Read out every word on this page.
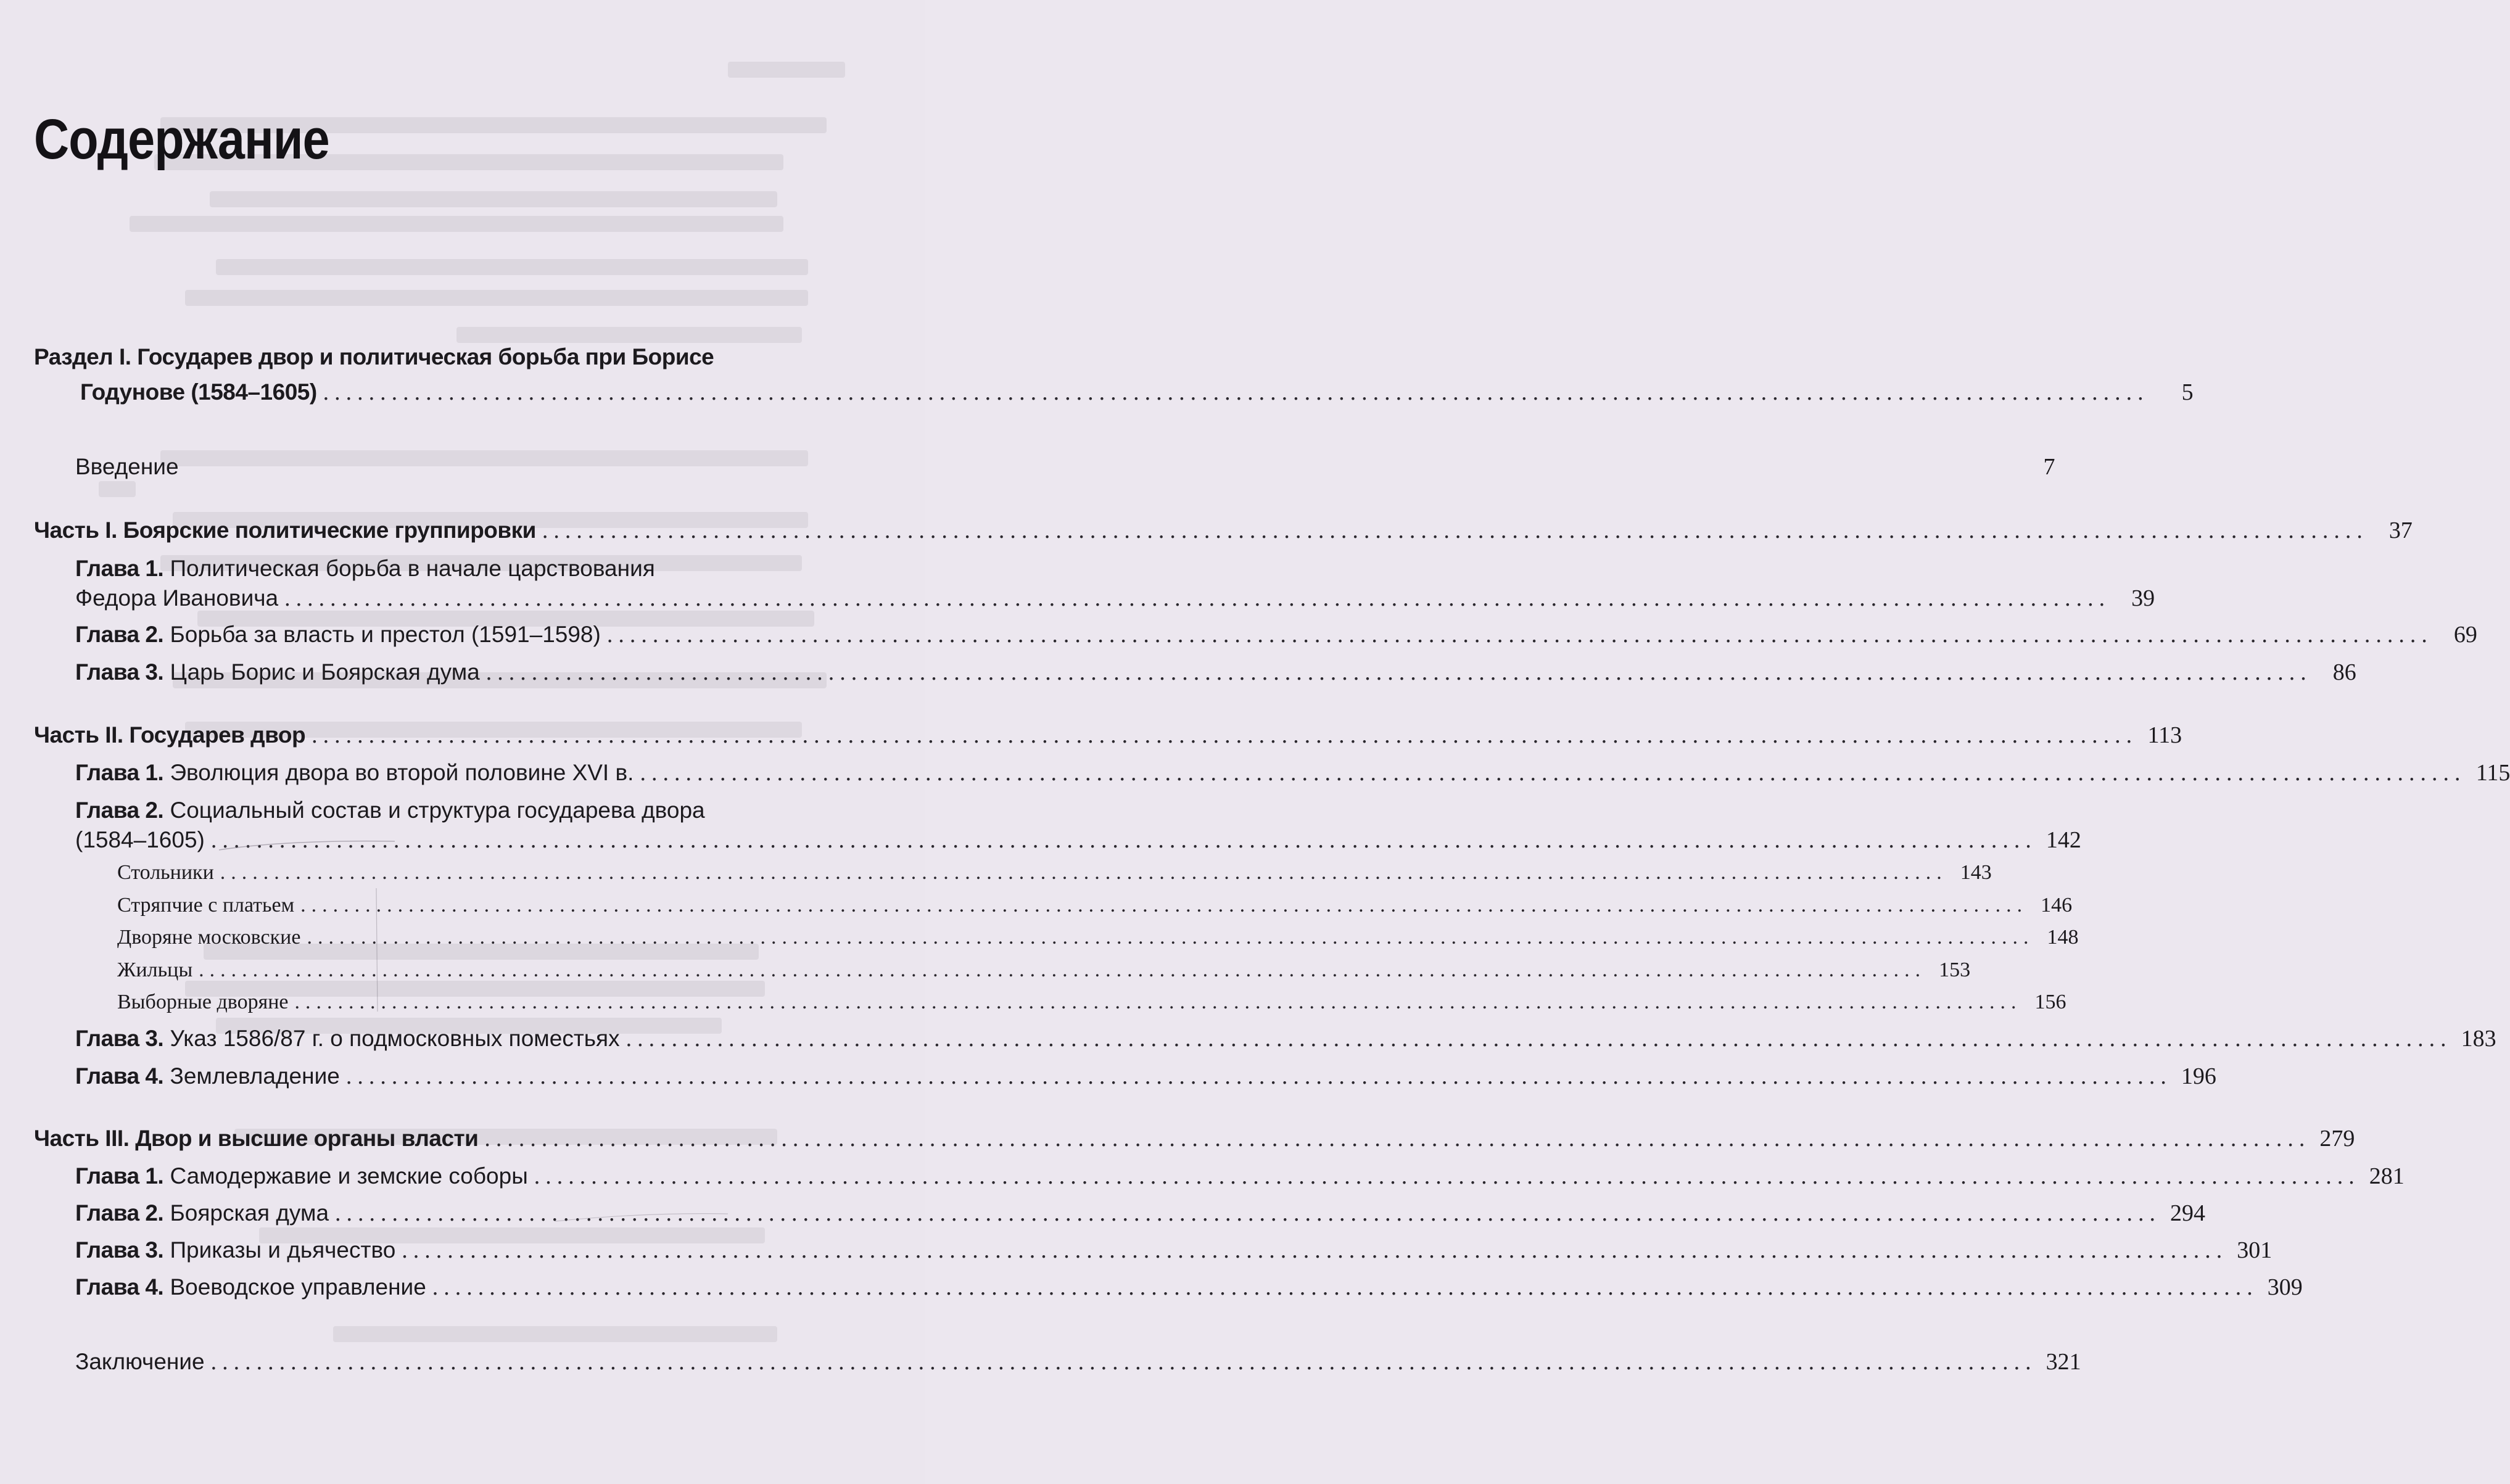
Содержание
Раздел I. Государев двор и политическая борьба при Борисе
Годунове (1584–1605) ................................................................................................................................................................	5
Введение	7
Часть I. Боярские политические группировки ................................................................................................................................................................ 37
Глава 1. Политическая борьба в начале царствования
Федора Ивановича ................................................................................................................................................................ 39
Глава 2. Борьба за власть и престол (1591–1598) ................................................................................................................................................................ 69
Глава 3. Царь Борис и Боярская дума ................................................................................................................................................................ 86
Часть II. Государев двор ................................................................................................................................................................ 113
Глава 1. Эволюция двора во второй половине XVI в. ................................................................................................................................................................ 115
Глава 2. Социальный состав и структура государева двора
(1584–1605) ................................................................................................................................................................ 142
Стольники ................................................................................................................................................................ 143
Стряпчие с платьем ................................................................................................................................................................ 146
Дворяне московские ................................................................................................................................................................ 148
Жильцы ................................................................................................................................................................ 153
Выборные дворяне ................................................................................................................................................................ 156
Глава 3. Указ 1586/87 г. о подмосковных поместьях ................................................................................................................................................................ 183
Глава 4. Землевладение ................................................................................................................................................................ 196
Часть III. Двор и высшие органы власти ................................................................................................................................................................ 279
Глава 1. Самодержавие и земские соборы ................................................................................................................................................................ 281
Глава 2. Боярская дума ................................................................................................................................................................ 294
Глава 3. Приказы и дьячество ................................................................................................................................................................ 301
Глава 4. Воеводское управление ................................................................................................................................................................ 309
Заключение ................................................................................................................................................................ 321
